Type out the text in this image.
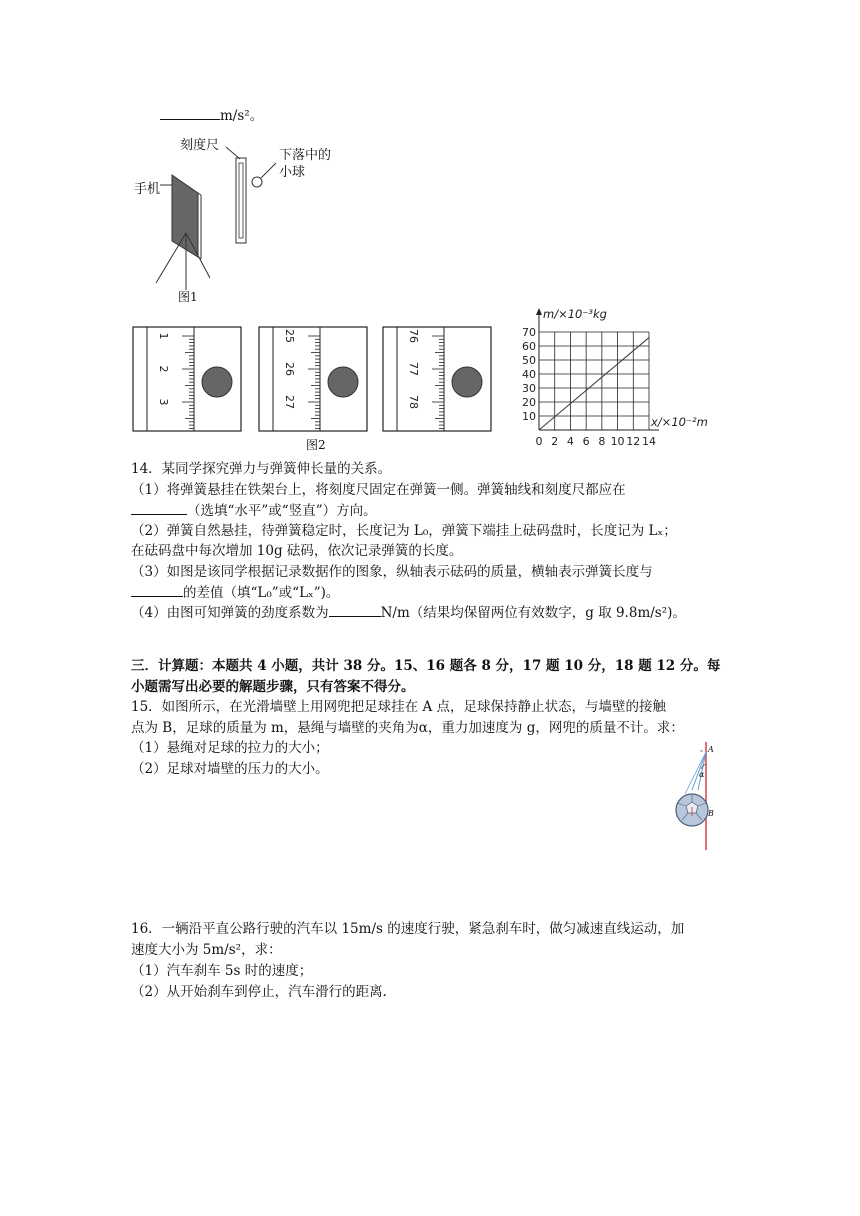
m/s²。
刻度尺
下落中的
小球
手机
图1
1
2
3
25
26
27
76
77
78
图2	0 2 4 6 8 10 12 14
10
20
30
40
50
60
70
m/×10⁻³kg
x/×10⁻²m
14．某同学探究弹力与弹簧伸长量的关系。
（1）将弹簧悬挂在铁架台上，将刻度尺固定在弹簧一侧。弹簧轴线和刻度尺都应在
（选填“水平”或“竖直”）方向。
（2）弹簧自然悬挂，待弹簧稳定时，长度记为 L₀，弹簧下端挂上砝码盘时，长度记为 Lₓ；
在砝码盘中每次增加 10g 砝码，依次记录弹簧的长度。
（3）如图是该同学根据记录数据作的图象，纵轴表示砝码的质量，横轴表示弹簧长度与
的差值（填“L₀”或“Lₓ”)。
（4）由图可知弹簧的劲度系数为	N/m（结果均保留两位有效数字，g 取 9.8m/s²)。
三．计算题：本题共 4 小题，共计 38 分。15、16 题各 8 分，17 题 10 分，18 题 12 分。每
小题需写出必要的解题步骤，只有答案不得分。
15．如图所示，在光滑墙壁上用网兜把足球挂在 A 点，足球保持静止状态，与墙壁的接触
点为 B，足球的质量为 m，悬绳与墙壁的夹角为α，重力加速度为 g，网兜的质量不计。求：
（1）悬绳对足球的拉力的大小；
（2）足球对墙壁的压力的大小。
A
α
B
16．一辆沿平直公路行驶的汽车以 15m/s 的速度行驶，紧急刹车时，做匀减速直线运动，加
速度大小为 5m/s²，求：
（1）汽车刹车 5s 时的速度；
（2）从开始刹车到停止，汽车滑行的距离.
